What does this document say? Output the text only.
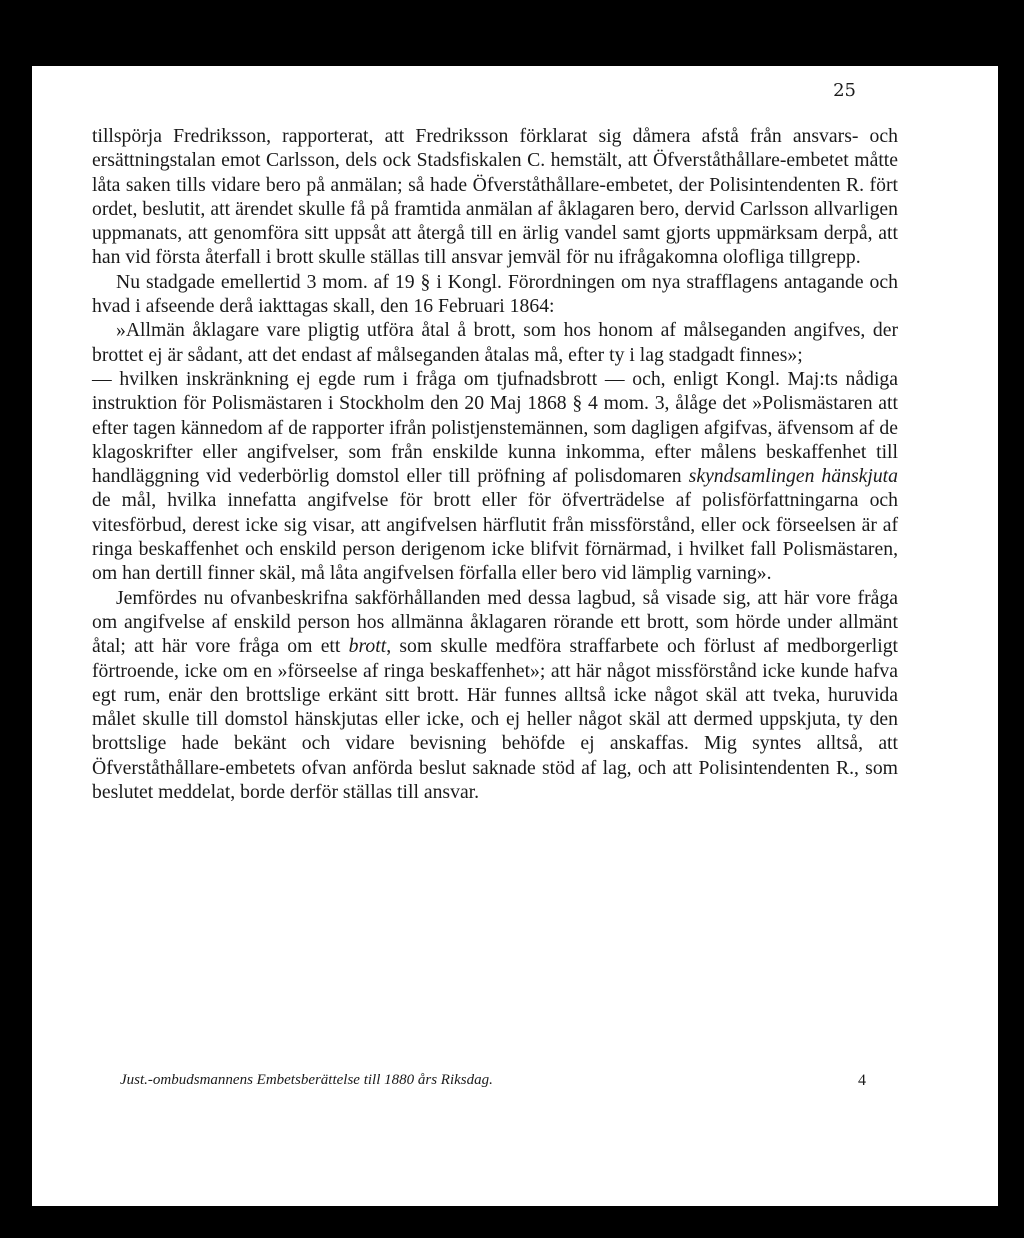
25

tillspörja Fredriksson, rapporterat, att Fredriksson förklarat sig dåmera afstå från ansvars- och ersättningstalan emot Carlsson, dels ock Stadsfiskalen C. hemstält, att Öfverståthållare-embetet måtte låta saken tills vidare bero på anmälan; så hade Öfverståthållare-embetet, der Polisintendenten R. fört ordet, beslutit, att ärendet skulle få på framtida anmälan af åklagaren bero, dervid Carlsson allvarligen uppmanats, att genomföra sitt uppsåt att återgå till en ärlig vandel samt gjorts uppmärksam derpå, att han vid första återfall i brott skulle ställas till ansvar jemväl för nu ifrågakomna olofliga tillgrepp.

Nu stadgade emellertid 3 mom. af 19 § i Kongl. Förordningen om nya strafflagens antagande och hvad i afseende derå iakttagas skall, den 16 Februari 1864:

»Allmän åklagare vare pligtig utföra åtal å brott, som hos honom af målseganden angifves, der brottet ej är sådant, att det endast af målseganden åtalas må, efter ty i lag stadgadt finnes»;

— hvilken inskränkning ej egde rum i fråga om tjufnadsbrott — och, enligt Kongl. Maj:ts nådiga instruktion för Polismästaren i Stockholm den 20 Maj 1868 § 4 mom. 3, ålåge det »Polismästaren att efter tagen kännedom af de rapporter ifrån polistjenstemännen, som dagligen afgifvas, äfvensom af de klagoskrifter eller angifvelser, som från enskilde kunna inkomma, efter målens beskaffenhet till handläggning vid vederbörlig domstol eller till pröfning af polisdomaren skyndsamlingen hänskjuta de mål, hvilka innefatta angifvelse för brott eller för öfverträdelse af polisförfattningarna och vitesförbud, derest icke sig visar, att angifvelsen härflutit från missförstånd, eller ock förseelsen är af ringa beskaffenhet och enskild person derigenom icke blifvit förnärmad, i hvilket fall Polismästaren, om han dertill finner skäl, må låta angifvelsen förfalla eller bero vid lämplig varning».

Jemfördes nu ofvanbeskrifna sakförhållanden med dessa lagbud, så visade sig, att här vore fråga om angifvelse af enskild person hos allmänna åklagaren rörande ett brott, som hörde under allmänt åtal; att här vore fråga om ett brott, som skulle medföra straffarbete och förlust af medborgerligt förtroende, icke om en »förseelse af ringa beskaffenhet»; att här något missförstånd icke kunde hafva egt rum, enär den brottslige erkänt sitt brott. Här funnes alltså icke något skäl att tveka, huruvida målet skulle till domstol hänskjutas eller icke, och ej heller något skäl att dermed uppskjuta, ty den brottslige hade bekänt och vidare bevisning behöfde ej anskaffas. Mig syntes alltså, att Öfverståthållare-embetets ofvan anförda beslut saknade stöd af lag, och att Polisintendenten R., som beslutet meddelat, borde derför ställas till ansvar.

Just.-ombudsmannens Embetsberättelse till 1880 års Riksdag.	4
